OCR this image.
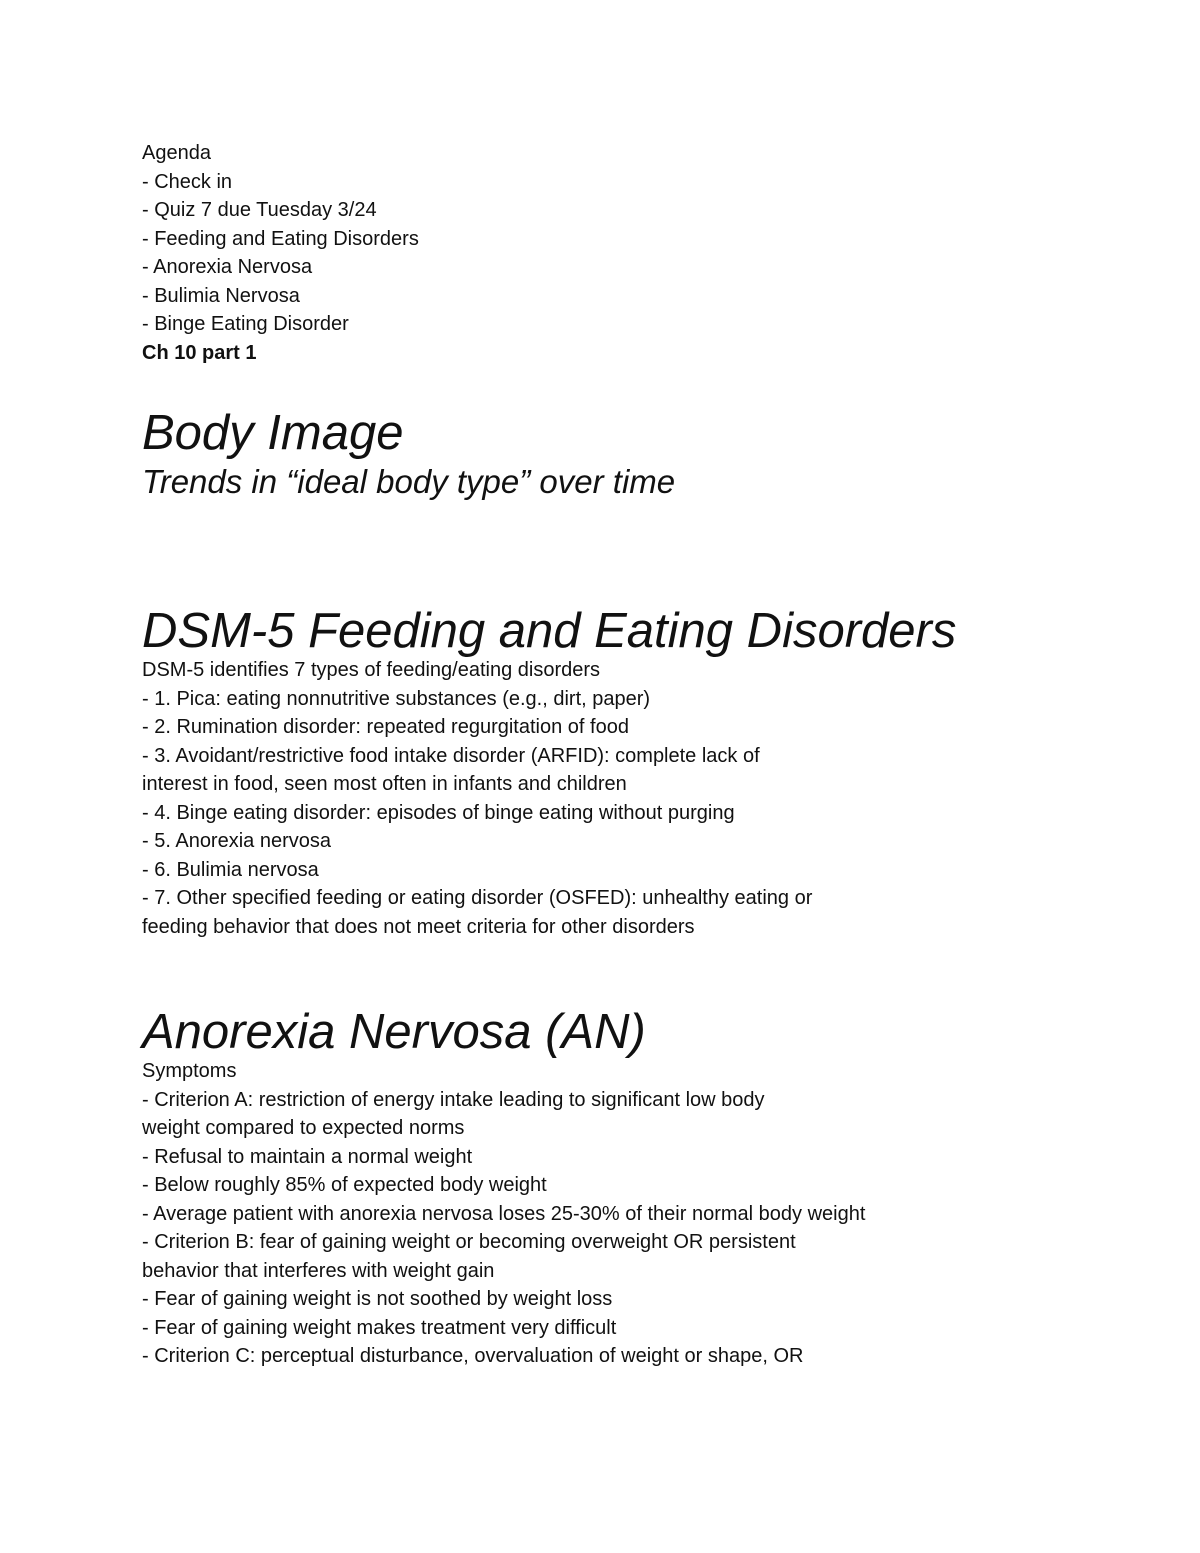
Agenda

- Check in

- Quiz 7 due Tuesday 3/24

- Feeding and Eating Disorders

- Anorexia Nervosa

- Bulimia Nervosa

- Binge Eating Disorder

Ch 10 part 1

Body Image

Trends in “ideal body type” over time

DSM-5 Feeding and Eating Disorders

DSM-5 identifies 7 types of feeding/eating disorders

- 1. Pica: eating nonnutritive substances (e.g., dirt, paper)

- 2. Rumination disorder: repeated regurgitation of food

- 3. Avoidant/restrictive food intake disorder (ARFID): complete lack of

interest in food, seen most often in infants and children

- 4. Binge eating disorder: episodes of binge eating without purging

- 5. Anorexia nervosa

- 6. Bulimia nervosa

- 7. Other specified feeding or eating disorder (OSFED): unhealthy eating or

feeding behavior that does not meet criteria for other disorders

Anorexia Nervosa (AN)

Symptoms

- Criterion A: restriction of energy intake leading to significant low body

weight compared to expected norms

- Refusal to maintain a normal weight

- Below roughly 85% of expected body weight

- Average patient with anorexia nervosa loses 25-30% of their normal body weight

- Criterion B: fear of gaining weight or becoming overweight OR persistent

behavior that interferes with weight gain

- Fear of gaining weight is not soothed by weight loss

- Fear of gaining weight makes treatment very difficult

- Criterion C: perceptual disturbance, overvaluation of weight or shape, OR
